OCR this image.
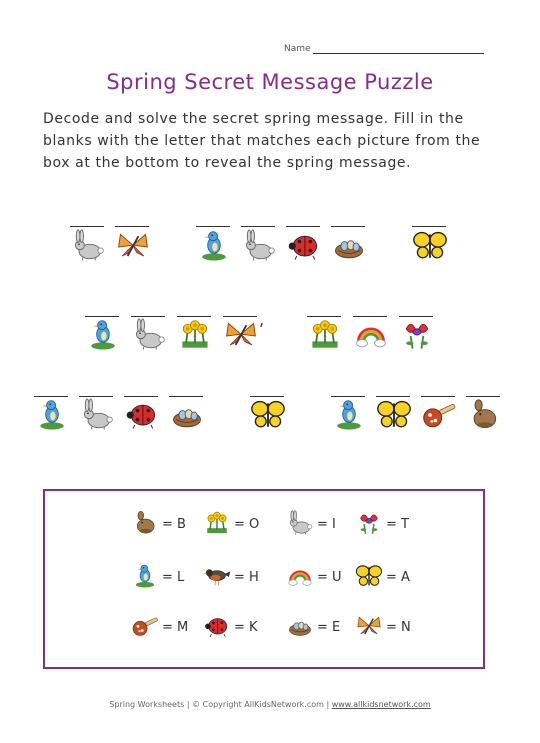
Name
Spring Secret Message Puzzle
Decode and solve the secret spring message. Fill in the
blanks with the letter that matches each picture from the
box at the bottom to reveal the spring message.
,
Spring Worksheets | © Copyright AllKidsNetwork.com | www.allkidsnetwork.com
= B	= O	= I	= T
= L	= H	= U	= A
= M	= K	= E	= N
